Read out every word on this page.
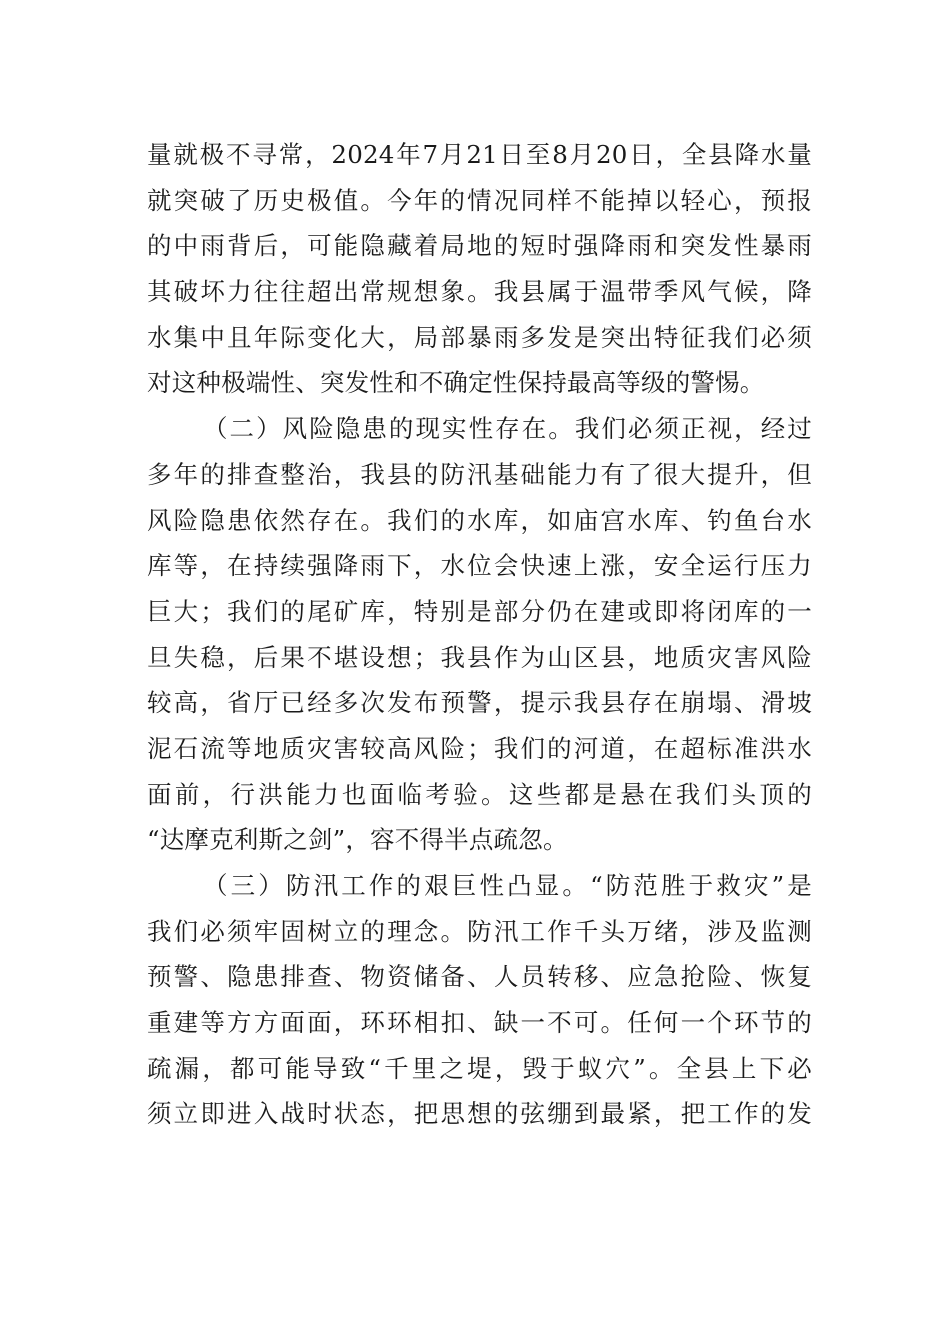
量就极不寻常，2024年7月21日至8月20日，全县降水量
就突破了历史极值。今年的情况同样不能掉以轻心，预报
的中雨背后，可能隐藏着局地的短时强降雨和突发性暴雨
其破坏力往往超出常规想象。我县属于温带季风气候，降
水集中且年际变化大，局部暴雨多发是突出特征我们必须
对这种极端性、突发性和不确定性保持最高等级的警惕。
（二）风险隐患的现实性存在。我们必须正视，经过
多年的排查整治，我县的防汛基础能力有了很大提升，但
风险隐患依然存在。我们的水库，如庙宫水库、钓鱼台水
库等，在持续强降雨下，水位会快速上涨，安全运行压力
巨大；我们的尾矿库，特别是部分仍在建或即将闭库的一
旦失稳，后果不堪设想；我县作为山区县，地质灾害风险
较高，省厅已经多次发布预警，提示我县存在崩塌、滑坡
泥石流等地质灾害较高风险；我们的河道，在超标准洪水
面前，行洪能力也面临考验。这些都是悬在我们头顶的
“达摩克利斯之剑”，容不得半点疏忽。
（三）防汛工作的艰巨性凸显。“防范胜于救灾”是
我们必须牢固树立的理念。防汛工作千头万绪，涉及监测
预警、隐患排查、物资储备、人员转移、应急抢险、恢复
重建等方方面面，环环相扣、缺一不可。任何一个环节的
疏漏，都可能导致“千里之堤，毁于蚁穴”。全县上下必
须立即进入战时状态，把思想的弦绷到最紧，把工作的发
